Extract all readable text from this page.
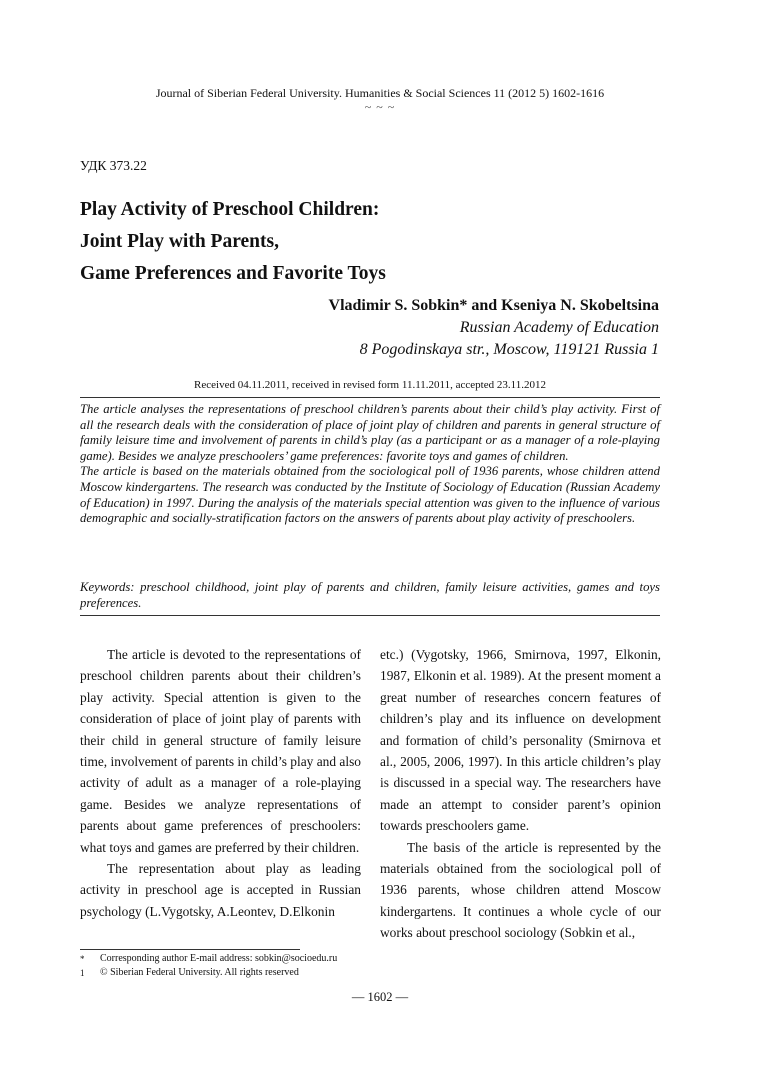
Journal of Siberian Federal University. Humanities & Social Sciences 11 (2012 5) 1602-1616
~ ~ ~
УДК 373.22
Play Activity of Preschool Children:
Joint Play with Parents,
Game Preferences and Favorite Toys
Vladimir S. Sobkin* and Kseniya N. Skobeltsina
Russian Academy of Education
8 Pogodinskaya str., Moscow, 119121 Russia 1
Received 04.11.2011, received in revised form 11.11.2011, accepted 23.11.2012

The article analyses the representations of preschool children’s parents about their child’s play activity. First of all the research deals with the consideration of place of joint play of children and parents in general structure of family leisure time and involvement of parents in child’s play (as a participant or as a manager of a role-playing game). Besides we analyze preschoolers’ game preferences: favorite toys and games of children.

The article is based on the materials obtained from the sociological poll of 1936 parents, whose children attend Moscow kindergartens. The research was conducted by the Institute of Sociology of Education (Russian Academy of Education) in 1997. During the analysis of the materials special attention was given to the influence of various demographic and socially-stratification factors on the answers of parents about play activity of preschoolers.

Keywords: preschool childhood, joint play of parents and children, family leisure activities, games and toys preferences.

The article is devoted to the representations of preschool children parents about their children’s play activity. Special attention is given to the consideration of place of joint play of parents with their child in general structure of family leisure time, involvement of parents in child’s play and also activity of adult as a manager of a role-playing game. Besides we analyze representations of parents about game preferences of preschoolers: what toys and games are preferred by their children.

The representation about play as leading activity in preschool age is accepted in Russian psychology (L.Vygotsky, A.Leontev, D.Elkonin

etc.) (Vygotsky, 1966, Smirnova, 1997, Elkonin, 1987, Elkonin et al. 1989). At the present moment a great number of researches concern features of children’s play and its influence on development and formation of child’s personality (Smirnova et al., 2005, 2006, 1997). In this article children’s play is discussed in a special way. The researchers have made an attempt to consider parent’s opinion towards preschoolers game.

The basis of the article is represented by the materials obtained from the sociological poll of 1936 parents, whose children attend Moscow kindergartens. It continues a whole cycle of our works about preschool sociology (Sobkin et al.,

* Corresponding author E-mail address: sobkin@socioedu.ru
1 © Siberian Federal University. All rights reserved
— 1602 —
